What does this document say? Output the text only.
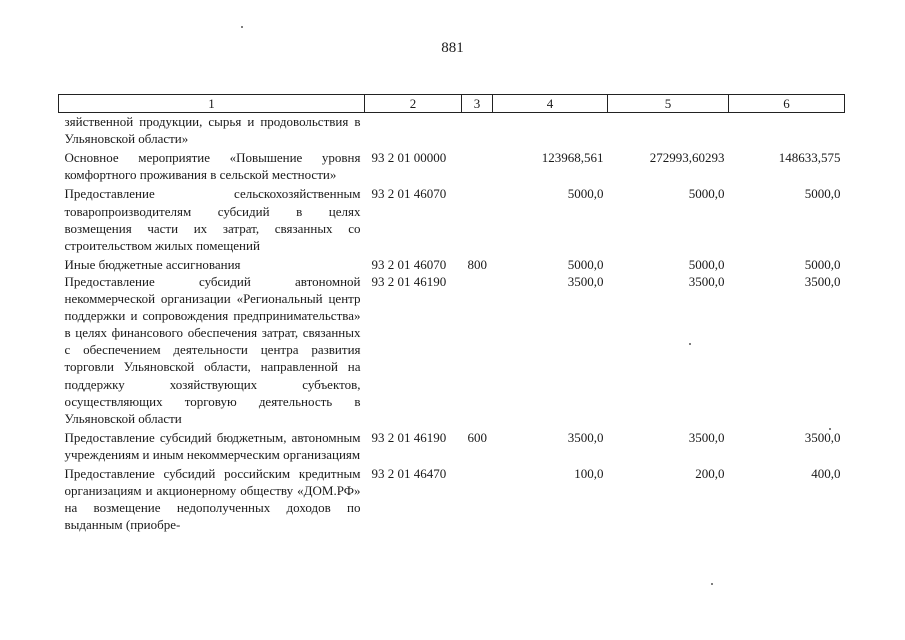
881
1	2	3	4	5	6
зяйственной продукции, сырья и продовольствия в Ульяновской области»					
Основное мероприятие «Повышение уровня комфортного проживания в сельской местности»	93 2 01 00000		123968,561	272993,60293	148633,575
Предоставление сельскохозяйственным товаропроизводителям субсидий в целях возмещения части их затрат, связанных со строительством жилых помещений	93 2 01 46070		5000,0	5000,0	5000,0
Иные бюджетные ассигнования	93 2 01 46070	800	5000,0	5000,0	5000,0
Предоставление субсидий автономной некоммерческой организации «Региональный центр поддержки и сопровождения предпринимательства» в целях финансового обеспечения затрат, связанных с обеспечением деятельности центра развития торговли Ульяновской области, направленной на поддержку хозяйствующих субъектов, осуществляющих торговую деятельность в Ульяновской области	93 2 01 46190		3500,0	3500,0	3500,0
Предоставление субсидий бюджетным, автономным учреждениям и иным некоммерческим организациям	93 2 01 46190	600	3500,0	3500,0	3500,0
Предоставление субсидий российским кредитным организациям и акционерному обществу «ДОМ.РФ» на возмещение недополученных доходов по выданным (приобре-	93 2 01 46470		100,0	200,0	400,0
